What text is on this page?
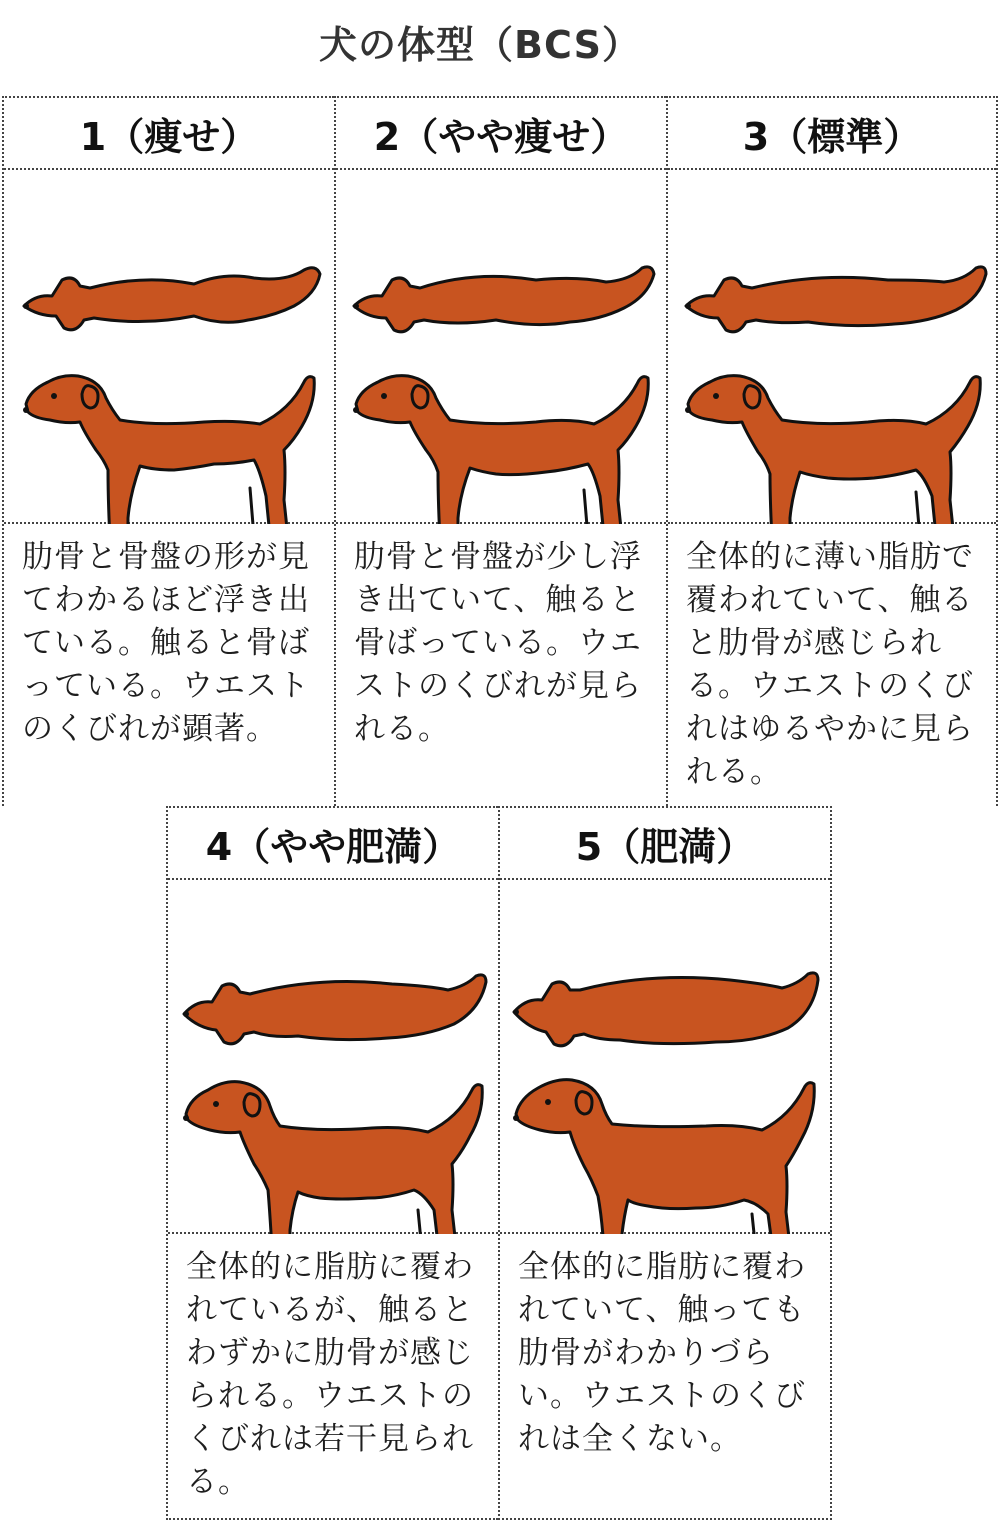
犬の体型（BCS）
1（痩せ）
肋骨と骨盤の形が見てわかるほど浮き出ている。触ると骨ばっている。ウエストのくびれが顕著。
2（やや痩せ）
肋骨と骨盤が少し浮き出ていて、触ると骨ばっている。ウエストのくびれが見られる。
3（標準）
全体的に薄い脂肪で覆われていて、触ると肋骨が感じられる。ウエストのくびれはゆるやかに見られる。
4（やや肥満）
全体的に脂肪に覆われているが、触るとわずかに肋骨が感じられる。ウエストのくびれは若干見られる。
5（肥満）
全体的に脂肪に覆われていて、触っても肋骨がわかりづらい。ウエストのくびれは全くない。
